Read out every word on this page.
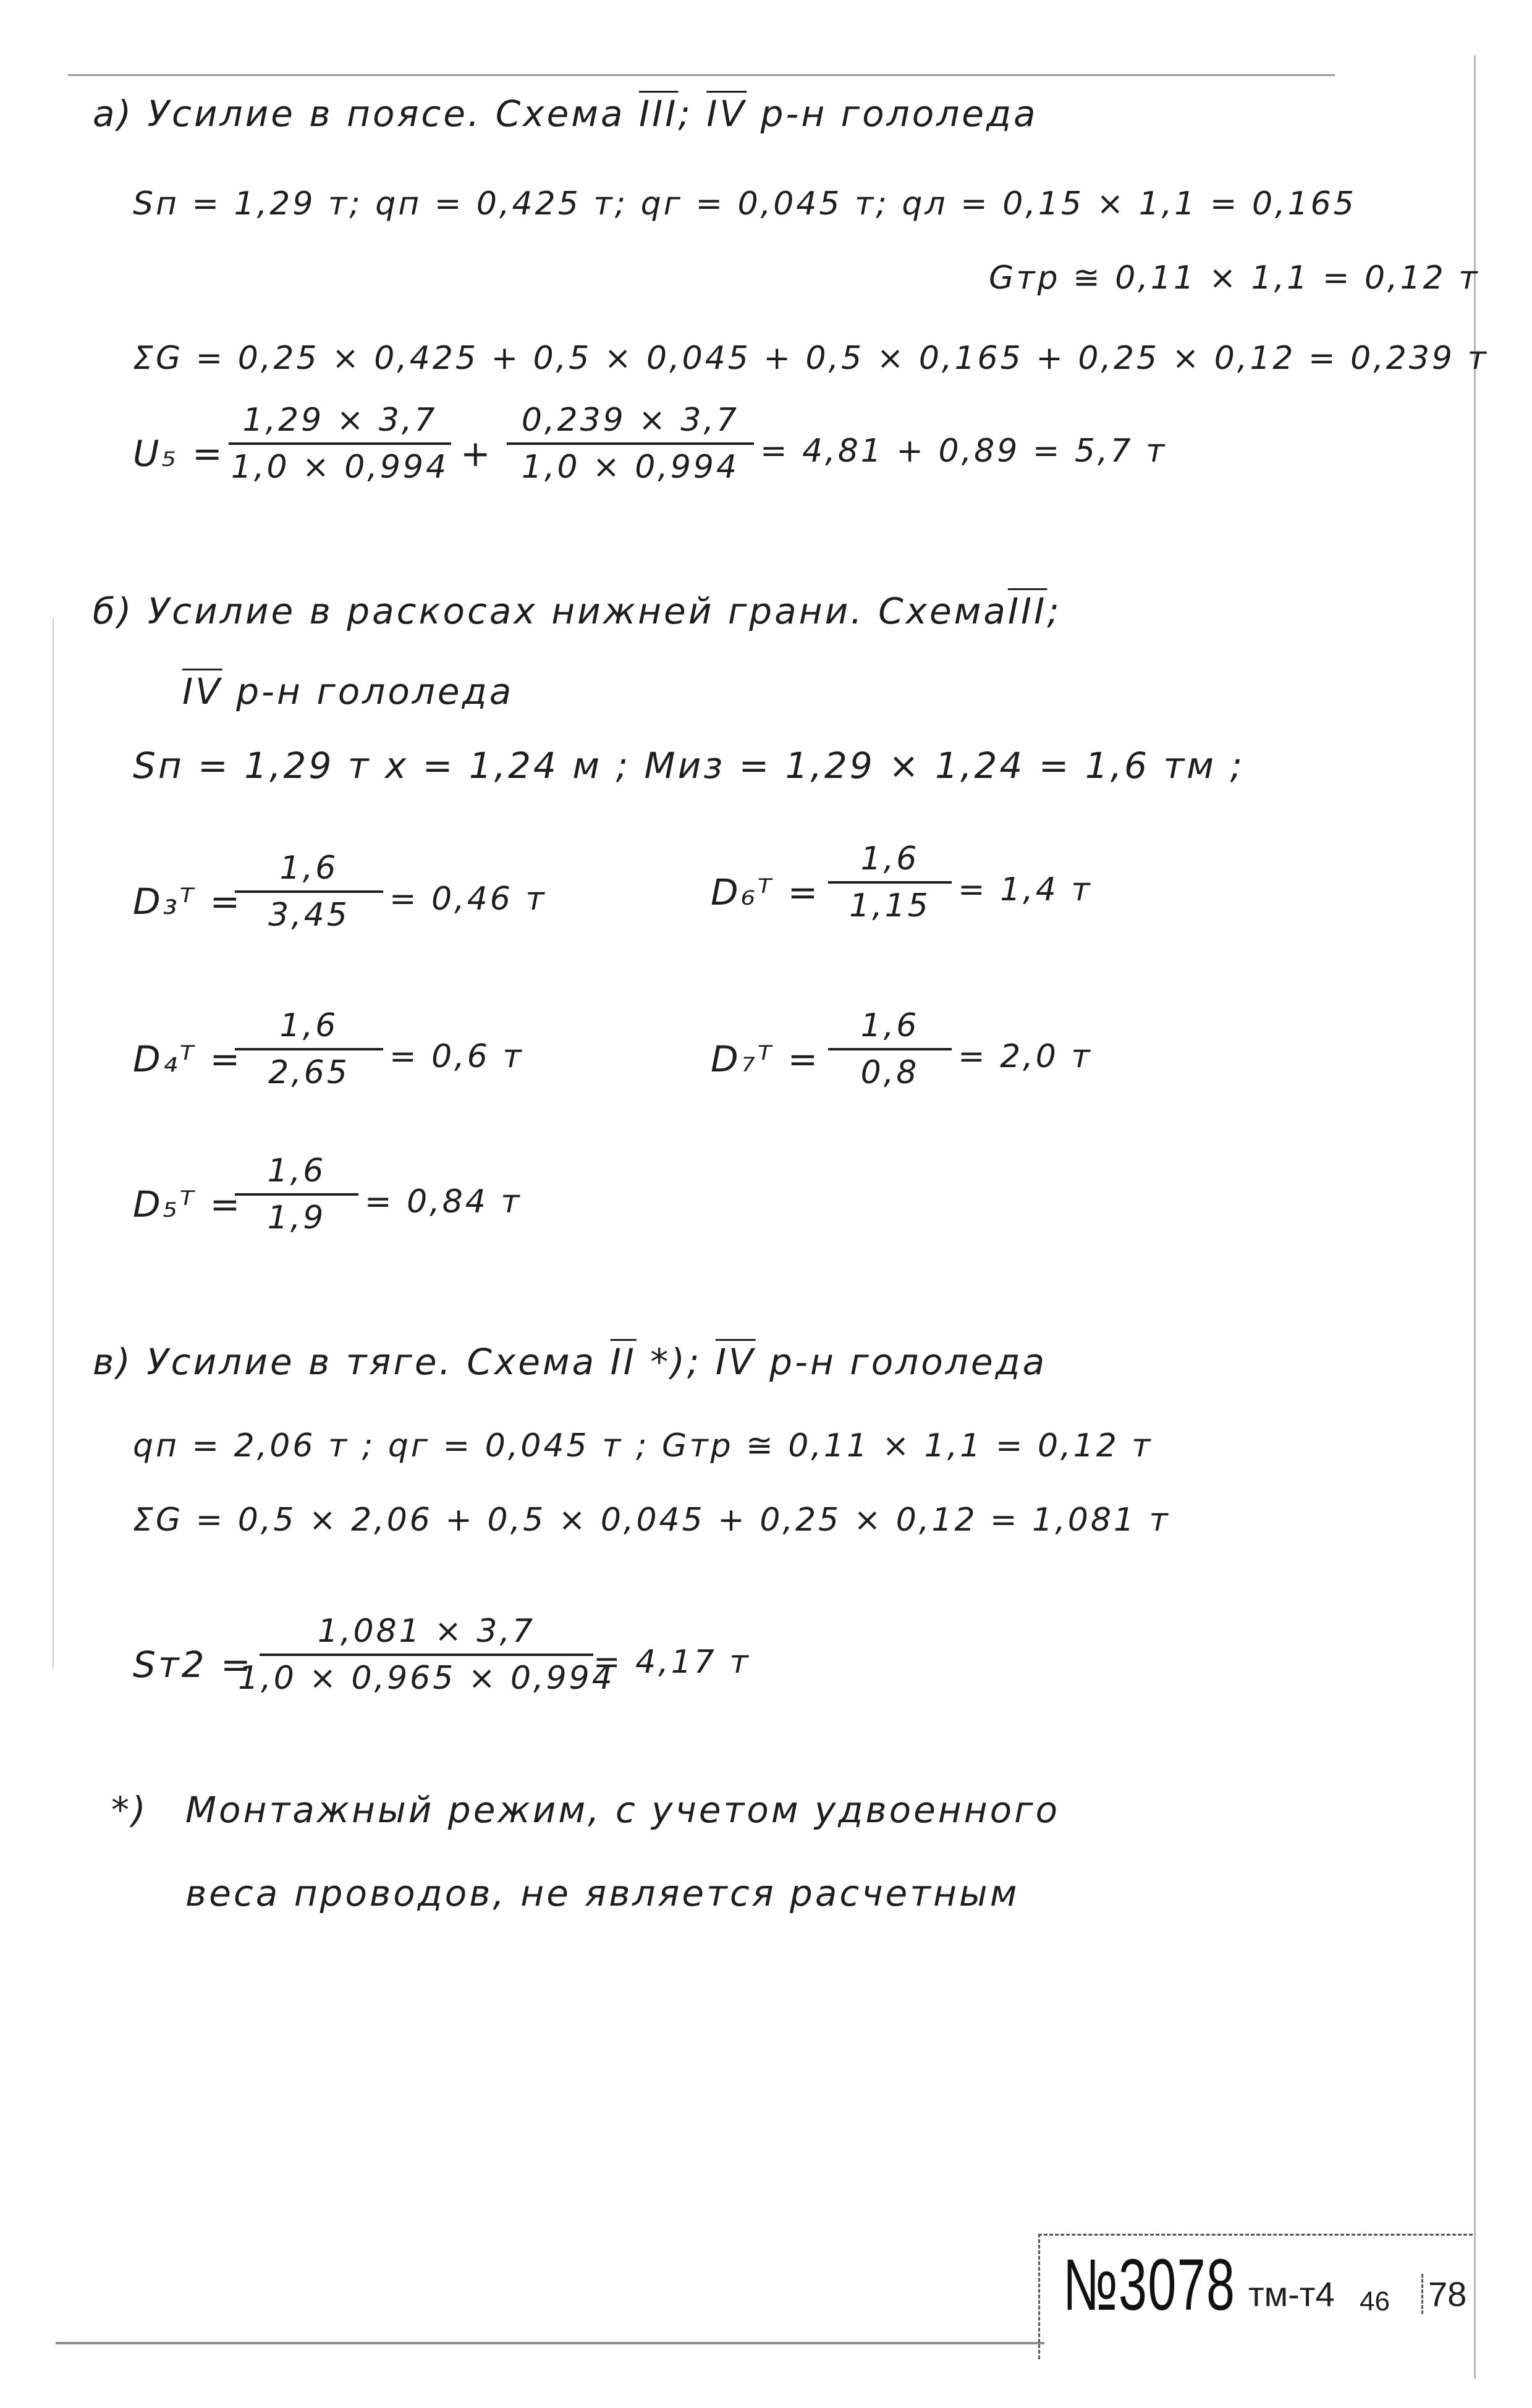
а) Усилие в поясе. Схема $\overline{III}$; $\overline{IV}$ р-н гололеда
Sп = 1,29 т; qп = 0,425 т; qг = 0,045 т; qл = 0,15 × 1,1 = 0,165
Gтр ≅ 0,11 × 1,1 = 0,12 т
ΣG = 0,25 × 0,425 + 0,5 × 0,045 + 0,5 × 0,165 + 0,25 × 0,12 = 0,239 т
U₅ =
1,29 × 3,7
1,0 × 0,994 +
0,239 × 3,7
1,0 × 0,994 = 4,81 + 0,89 = 5,7 т
б) Усилие в раскосах нижней грани. $Схема\overline{III}$;
$\overline{IV}$ р-н гололеда
Sп = 1,29 т x = 1,24 м ; Mиз = 1,29 × 1,24 = 1,6 тм ;
D₃ᵀ =
1,6
3,45 = 0,46 т	D₆ᵀ =
1,6
1,15 = 1,4 т
D₄ᵀ =
1,6
2,65 = 0,6 т	D₇ᵀ =
1,6
0,8 = 2,0 т
D₅ᵀ =
1,6
1,9 = 0,84 т
в) Усилие в тяге. Схема $\overline{II}$ *); $\overline{IV}$ р-н гололеда
qп = 2,06 т ; qг = 0,045 т ; Gтр ≅ 0,11 × 1,1 = 0,12 т
ΣG = 0,5 × 2,06 + 0,5 × 0,045 + 0,25 × 0,12 = 1,081 т
Sт2 =
1,081 × 3,7
1,0 × 0,965 × 0,994
= 4,17 т
*) Монтажный режим, с учетом удвоенного
веса проводов, не является расчетным
№3078 тм-т4 46 78
